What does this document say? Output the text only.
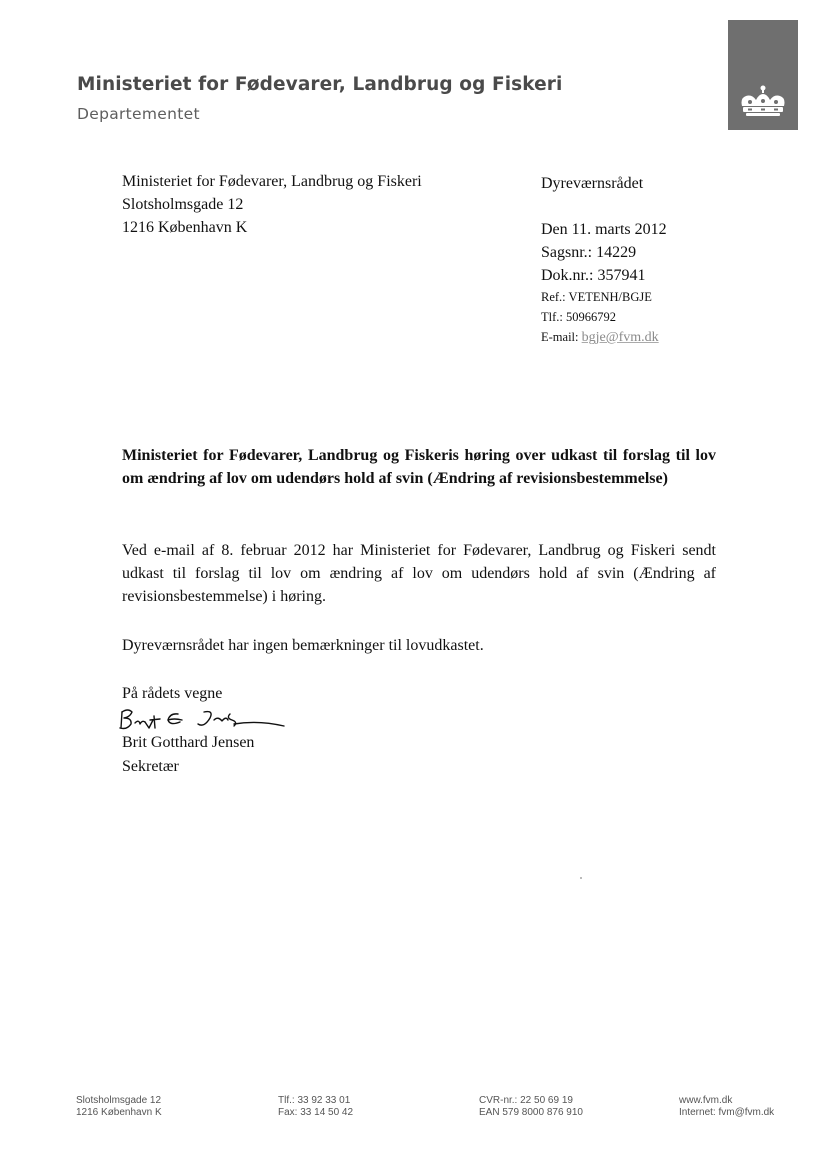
Ministeriet for Fødevarer, Landbrug og Fiskeri
Departementet
Ministeriet for Fødevarer, Landbrug og Fiskeri
Slotsholmsgade 12
1216 København K
Dyreværnsrådet
Den 11. marts 2012
Sagsnr.: 14229
Dok.nr.: 357941
Ref.: VETENH/BGJE
Tlf.: 50966792
E-mail: bgje@fvm.dk
Ministeriet for Fødevarer, Landbrug og Fiskeris høring over udkast til forslag til lov om ændring af lov om udendørs hold af svin (Ændring af revisionsbestemmelse)
Ved e-mail af 8. februar 2012 har Ministeriet for Fødevarer, Landbrug og Fiskeri sendt udkast til forslag til lov om ændring af lov om udendørs hold af svin (Ændring af revisionsbestemmelse) i høring.
Dyreværnsrådet har ingen bemærkninger til lovudkastet.
På rådets vegne
Brit Gotthard Jensen
Sekretær
Slotsholmsgade 12
1216 København K
Tlf.: 33 92 33 01
Fax: 33 14 50 42
CVR-nr.: 22 50 69 19
EAN 579 8000 876 910
www.fvm.dk
Internet: fvm@fvm.dk
